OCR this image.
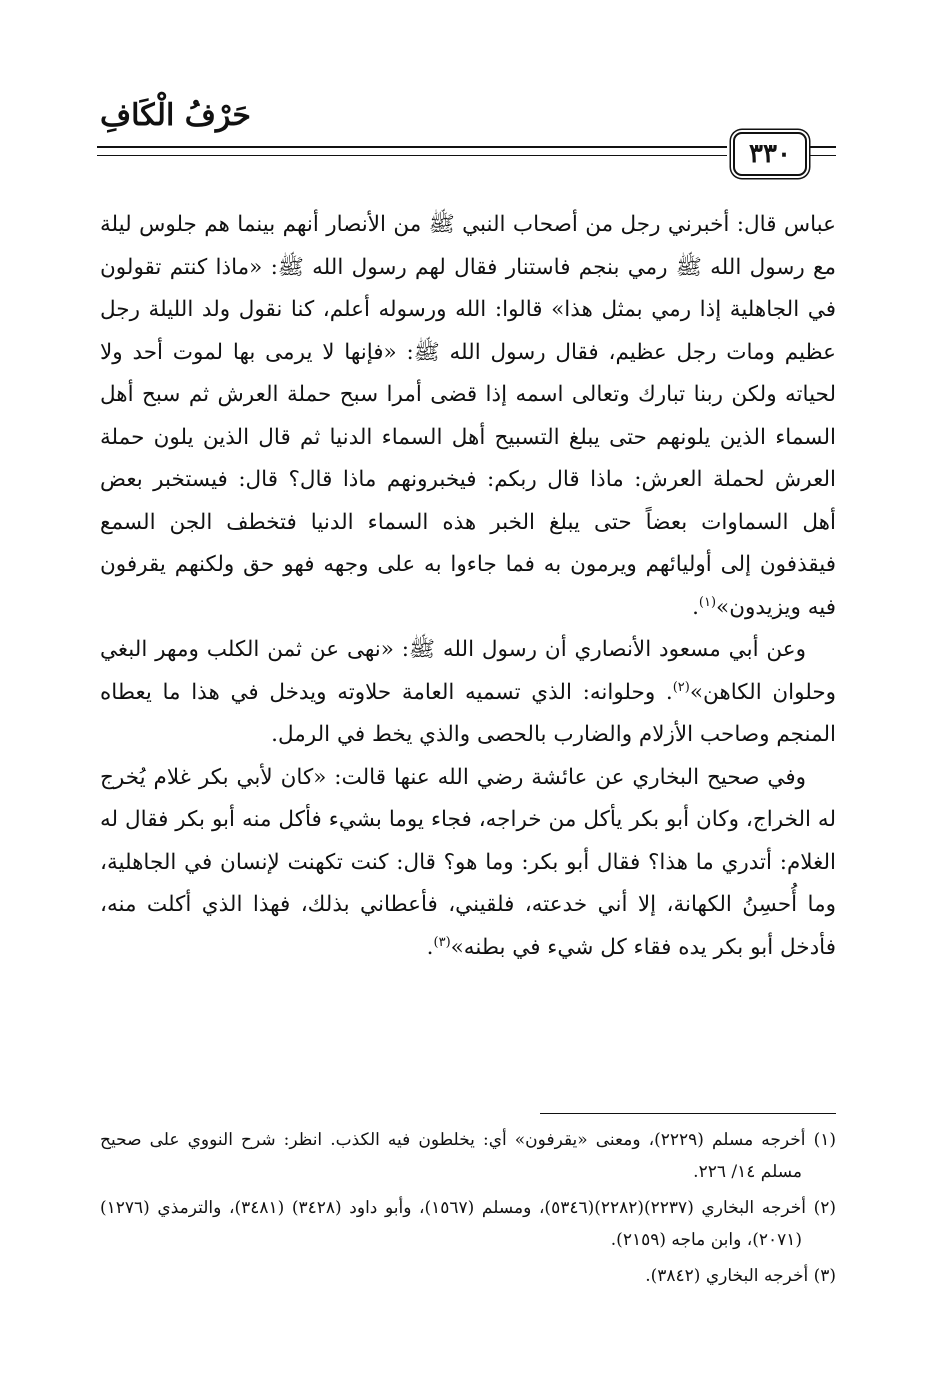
حَرْفُ الْكَافِ
٣٣٠

عباس قال: أخبرني رجل من أصحاب النبي ﷺ من الأنصار أنهم بينما هم جلوس ليلة مع رسول الله ﷺ رمي بنجم فاستنار فقال لهم رسول الله ﷺ: «ماذا كنتم تقولون في الجاهلية إذا رمي بمثل هذا» قالوا: الله ورسوله أعلم، كنا نقول ولد الليلة رجل عظيم ومات رجل عظيم، فقال رسول الله ﷺ: «فإنها لا يرمى بها لموت أحد ولا لحياته ولكن ربنا تبارك وتعالى اسمه إذا قضى أمرا سبح حملة العرش ثم سبح أهل السماء الذين يلونهم حتى يبلغ التسبيح أهل السماء الدنيا ثم قال الذين يلون حملة العرش لحملة العرش: ماذا قال ربكم: فيخبرونهم ماذا قال؟ قال: فيستخبر بعض أهل السماوات بعضاً حتى يبلغ الخبر هذه السماء الدنيا فتخطف الجن السمع فيقذفون إلى أوليائهم ويرمون به فما جاءوا به على وجهه فهو حق ولكنهم يقرفون فيه ويزيدون»$^{(١)}$.

وعن أبي مسعود الأنصاري أن رسول الله ﷺ: «نهى عن ثمن الكلب ومهر البغي وحلوان الكاهن»$^{(٢)}$. وحلوانه: الذي تسميه العامة حلاوته ويدخل في هذا ما يعطاه المنجم وصاحب الأزلام والضارب بالحصى والذي يخط في الرمل.

وفي صحيح البخاري عن عائشة رضي الله عنها قالت: «كان لأبي بكر غلام يُخرج له الخراج، وكان أبو بكر يأكل من خراجه، فجاء يوما بشيء فأكل منه أبو بكر فقال له الغلام: أتدري ما هذا؟ فقال أبو بكر: وما هو؟ قال: كنت تكهنت لإنسان في الجاهلية، وما أُحسِنُ الكهانة، إلا أني خدعته، فلقيني، فأعطاني بذلك، فهذا الذي أكلت منه، فأدخل أبو بكر يده فقاء كل شيء في بطنه»$^{(٣)}$.

(١) أخرجه مسلم (٢٢٢٩)، ومعنى «يقرفون» أي: يخلطون فيه الكذب. انظر: شرح النووي على صحيح مسلم ١٤/ ٢٢٦.

(٢) أخرجه البخاري (٢٢٣٧)(٢٢٨٢)(٥٣٤٦)، ومسلم (١٥٦٧)، وأبو داود (٣٤٢٨) (٣٤٨١)، والترمذي (١٢٧٦) (٢٠٧١)، وابن ماجه (٢١٥٩).

(٣) أخرجه البخاري (٣٨٤٢).
